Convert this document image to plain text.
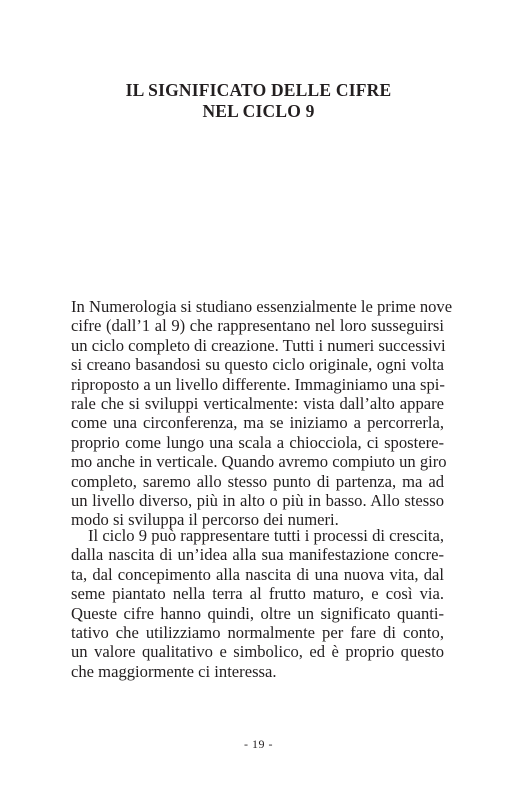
IL SIGNIFICATO DELLE CIFRE
NEL CICLO 9
In Numerologia si studiano essenzialmente le prime nove
cifre (dall’1 al 9) che rappresentano nel loro susseguirsi
un ciclo completo di creazione. Tutti i numeri successivi
si creano basandosi su questo ciclo originale, ogni volta
riproposto a un livello differente. Immaginiamo una spi-
rale che si sviluppi verticalmente: vista dall’alto appare
come una circonferenza, ma se iniziamo a percorrerla,
proprio come lungo una scala a chiocciola, ci spostere-
mo anche in verticale. Quando avremo compiuto un giro
completo, saremo allo stesso punto di partenza, ma ad
un livello diverso, più in alto o più in basso. Allo stesso
modo si sviluppa il percorso dei numeri.
Il ciclo 9 può rappresentare tutti i processi di crescita,
dalla nascita di un’idea alla sua manifestazione concre-
ta, dal concepimento alla nascita di una nuova vita, dal
seme piantato nella terra al frutto maturo, e così via.
Queste cifre hanno quindi, oltre un significato quanti-
tativo che utilizziamo normalmente per fare di conto,
un valore qualitativo e simbolico, ed è proprio questo
che maggiormente ci interessa.
- 19 -
